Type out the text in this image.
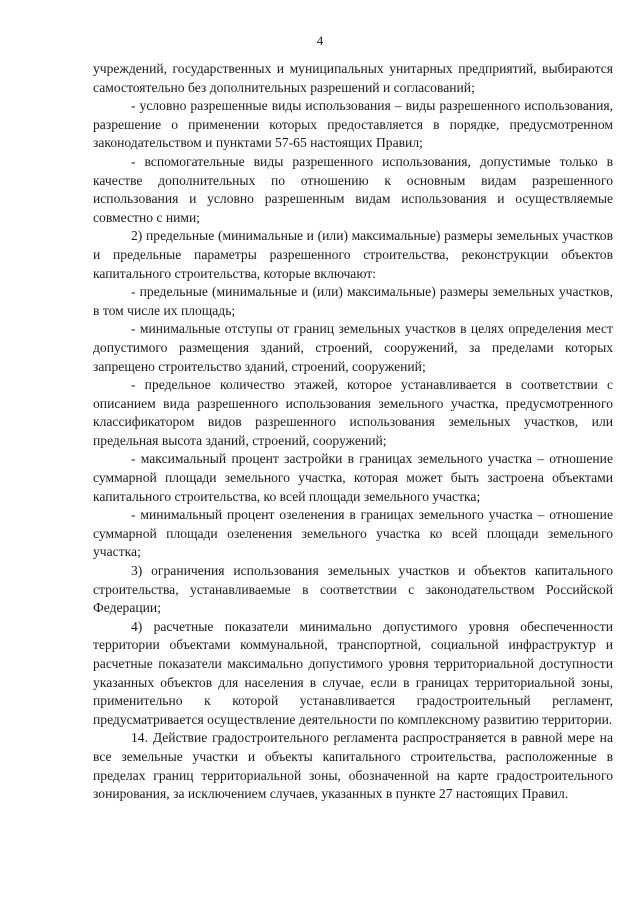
4

учреждений, государственных и муниципальных унитарных предприятий, выбираются самостоятельно без дополнительных разрешений и согласований;

- условно разрешенные виды использования – виды разрешенного использования, разрешение о применении которых предоставляется в порядке, предусмотренном законодательством и пунктами 57-65 настоящих Правил;

- вспомогательные виды разрешенного использования, допустимые только в качестве дополнительных по отношению к основным видам разрешенного использования и условно разрешенным видам использования и осуществляемые совместно с ними;

2) предельные (минимальные и (или) максимальные) размеры земельных участков и предельные параметры разрешенного строительства, реконструкции объектов капитального строительства, которые включают:

- предельные (минимальные и (или) максимальные) размеры земельных участков, в том числе их площадь;

- минимальные отступы от границ земельных участков в целях определения мест допустимого размещения зданий, строений, сооружений, за пределами которых запрещено строительство зданий, строений, сооружений;

- предельное количество этажей, которое устанавливается в соответствии с описанием вида разрешенного использования земельного участка, предусмотренного классификатором видов разрешенного использования земельных участков, или предельная высота зданий, строений, сооружений;

- максимальный процент застройки в границах земельного участка – отношение суммарной площади земельного участка, которая может быть застроена объектами капитального строительства, ко всей площади земельного участка;

- минимальный процент озеленения в границах земельного участка – отношение суммарной площади озеленения земельного участка ко всей площади земельного участка;

3) ограничения использования земельных участков и объектов капитального строительства, устанавливаемые в соответствии с законодательством Российской Федерации;

4) расчетные показатели минимально допустимого уровня обеспеченности территории объектами коммунальной, транспортной, социальной инфраструктур и расчетные показатели максимально допустимого уровня территориальной доступности указанных объектов для населения в случае, если в границах территориальной зоны, применительно к которой устанавливается градостроительный регламент, предусматривается осуществление деятельности по комплексному развитию территории.

14. Действие градостроительного регламента распространяется в равной мере на все земельные участки и объекты капитального строительства, расположенные в пределах границ территориальной зоны, обозначенной на карте градостроительного зонирования, за исключением случаев, указанных в пункте 27 настоящих Правил.
